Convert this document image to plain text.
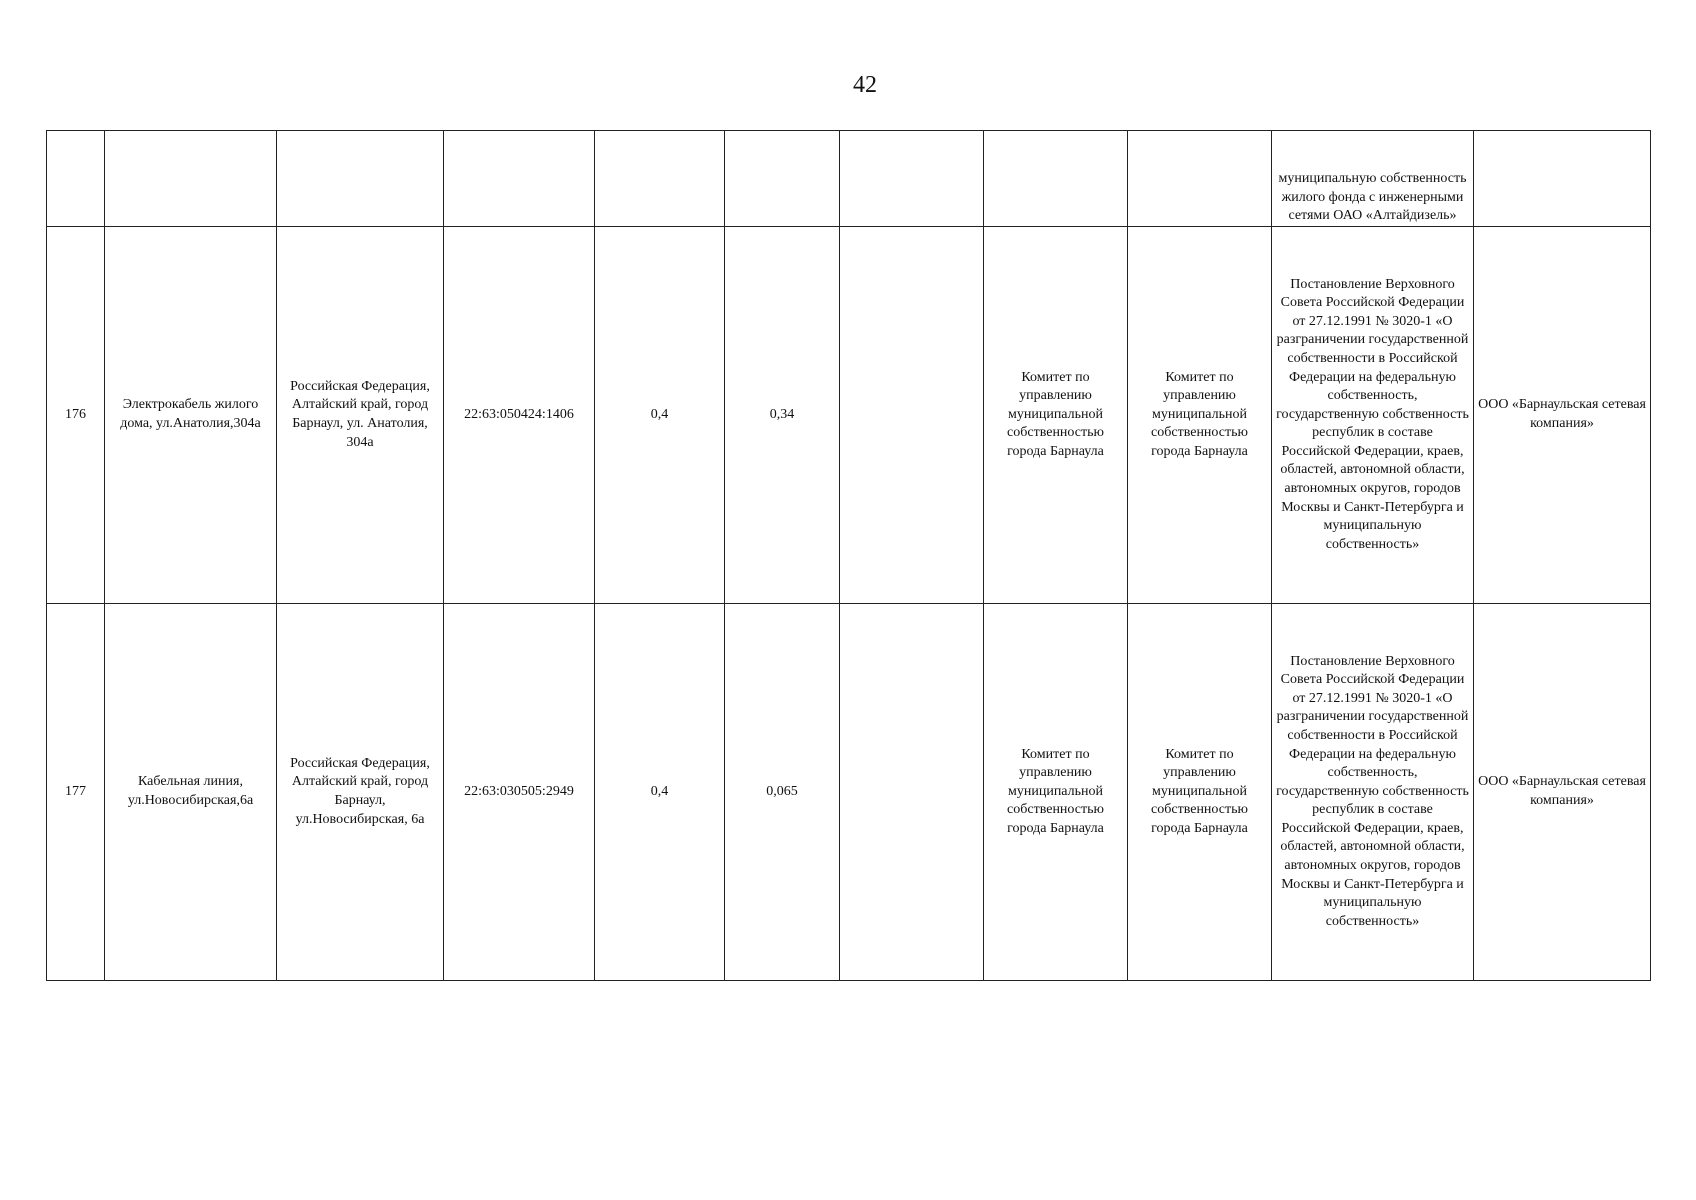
42
									муниципальную собственность жилого фонда с инженерными сетями ОАО «Алтайдизель»	
176	Электрокабель жилого дома, ул.Анатолия,304а	Российская Федерация, Алтайский край, город Барнаул, ул. Анатолия, 304а	22:63:050424:1406	0,4	0,34		Комитет по управлению муниципальной собственностью города Барнаула	Комитет по управлению муниципальной собственностью города Барнаула	Постановление Верховного Совета Российской Федерации от 27.12.1991 № 3020-1 «О разграничении государственной собственности в Российской Федерации на федеральную собственность, государственную собственность республик в составе Российской Федерации, краев, областей, автономной области, автономных округов, городов Москвы и Санкт-Петербурга и муниципальную собственность»	ООО «Барнаульская сетевая компания»
177	Кабельная линия, ул.Новосибирская,6а	Российская Федерация, Алтайский край, город Барнаул, ул.Новосибирская, 6а	22:63:030505:2949	0,4	0,065		Комитет по управлению муниципальной собственностью города Барнаула	Комитет по управлению муниципальной собственностью города Барнаула	Постановление Верховного Совета Российской Федерации от 27.12.1991 № 3020-1 «О разграничении государственной собственности в Российской Федерации на федеральную собственность, государственную собственность республик в составе Российской Федерации, краев, областей, автономной области, автономных округов, городов Москвы и Санкт-Петербурга и муниципальную собственность»	ООО «Барнаульская сетевая компания»
